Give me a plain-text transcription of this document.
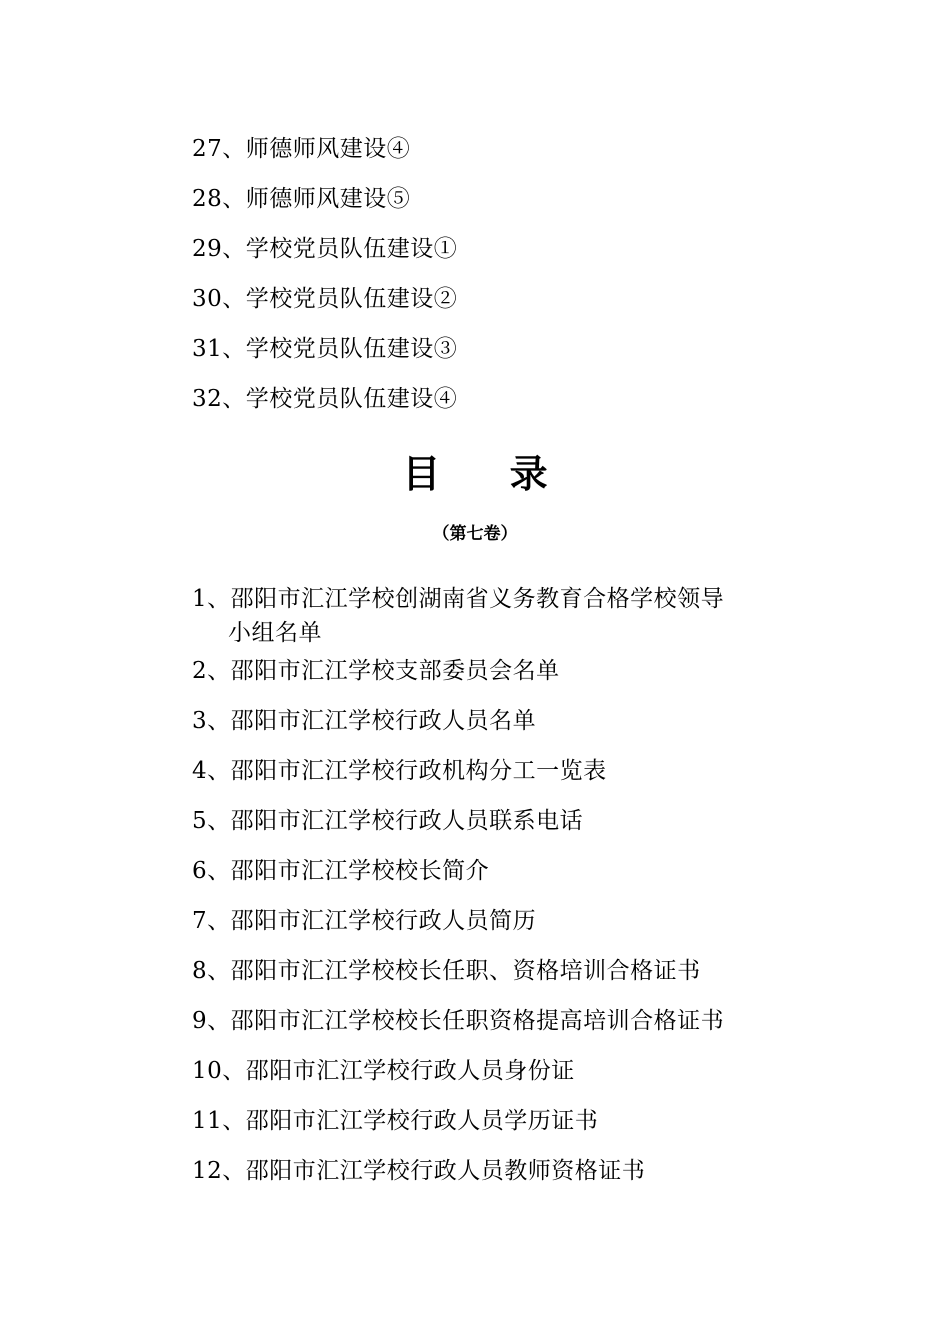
27、师德师风建设④
28、师德师风建设⑤
29、学校党员队伍建设①
30、学校党员队伍建设②
31、学校党员队伍建设③
32、学校党员队伍建设④
目 录
（第七卷）
1、邵阳市汇江学校创湖南省义务教育合格学校领导
小组名单
2、邵阳市汇江学校支部委员会名单
3、邵阳市汇江学校行政人员名单
4、邵阳市汇江学校行政机构分工一览表
5、邵阳市汇江学校行政人员联系电话
6、邵阳市汇江学校校长简介
7、邵阳市汇江学校行政人员简历
8、邵阳市汇江学校校长任职、资格培训合格证书
9、邵阳市汇江学校校长任职资格提高培训合格证书
10、邵阳市汇江学校行政人员身份证
11、邵阳市汇江学校行政人员学历证书
12、邵阳市汇江学校行政人员教师资格证书
